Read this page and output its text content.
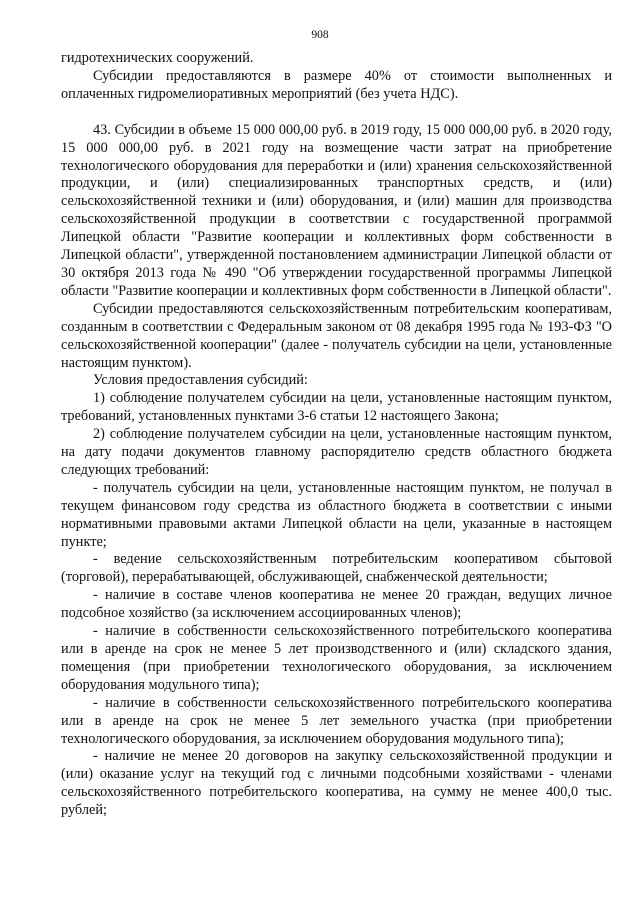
908

гидротехнических сооружений.

Субсидии предоставляются в размере 40% от стоимости выполненных и оплаченных гидромелиоративных мероприятий (без учета НДС).

43. Субсидии в объеме 15 000 000,00 руб. в 2019 году, 15 000 000,00 руб. в 2020 году, 15 000 000,00 руб. в 2021 году на возмещение части затрат на приобретение технологического оборудования для переработки и (или) хранения сельскохозяйственной продукции, и (или) специализированных транспортных средств, и (или) сельскохозяйственной техники и (или) оборудования, и (или) машин для производства сельскохозяйственной продукции в соответствии с государственной программой Липецкой области "Развитие кооперации и коллективных форм собственности в Липецкой области", утвержденной постановлением администрации Липецкой области от 30 октября 2013 года № 490 "Об утверждении государственной программы Липецкой области "Развитие кооперации и коллективных форм собственности в Липецкой области".

Субсидии предоставляются сельскохозяйственным потребительским кооперативам, созданным в соответствии с Федеральным законом от 08 декабря 1995 года № 193-ФЗ "О сельскохозяйственной кооперации" (далее - получатель субсидии на цели, установленные настоящим пунктом).

Условия предоставления субсидий:

1) соблюдение получателем субсидии на цели, установленные настоящим пунктом, требований, установленных пунктами 3-6 статьи 12 настоящего Закона;

2) соблюдение получателем субсидии на цели, установленные настоящим пунктом, на дату подачи документов главному распорядителю средств областного бюджета следующих требований:

- получатель субсидии на цели, установленные настоящим пунктом, не получал в текущем финансовом году средства из областного бюджета в соответствии с иными нормативными правовыми актами Липецкой области на цели, указанные в настоящем пункте;

- ведение сельскохозяйственным потребительским кооперативом сбытовой (торговой), перерабатывающей, обслуживающей, снабженческой деятельности;

- наличие в составе членов кооператива не менее 20 граждан, ведущих личное подсобное хозяйство (за исключением ассоциированных членов);

- наличие в собственности сельскохозяйственного потребительского кооператива или в аренде на срок не менее 5 лет производственного и (или) складского здания, помещения (при приобретении технологического оборудования, за исключением оборудования модульного типа);

- наличие в собственности сельскохозяйственного потребительского кооператива или в аренде на срок не менее 5 лет земельного участка (при приобретении технологического оборудования, за исключением оборудования модульного типа);

- наличие не менее 20 договоров на закупку сельскохозяйственной продукции и (или) оказание услуг на текущий год с личными подсобными хозяйствами - членами сельскохозяйственного потребительского кооператива, на сумму не менее 400,0 тыс. рублей;
